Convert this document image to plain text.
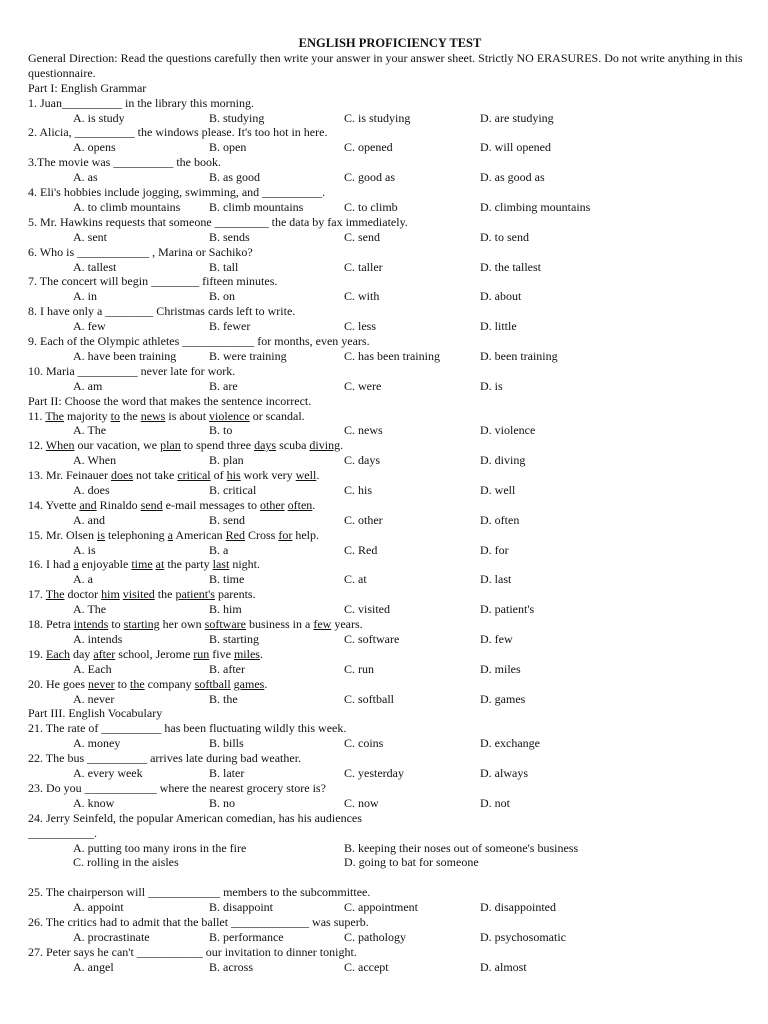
ENGLISH PROFICIENCY TEST
General Direction: Read the questions carefully then write your answer in your answer sheet. Strictly NO ERASURES. Do not write anything in this questionnaire.
Part I: English Grammar
1. Juan__________ in the library this morning.
A. is study	B. studying	C. is studying	D. are studying
2. Alicia, __________ the windows please. It's too hot in here.
A. opens	B. open	C. opened	D. will opened
3.The movie was __________ the book.
A. as	B. as good	C. good as	D. as good as
4. Eli's hobbies include jogging, swimming, and __________.
A. to climb mountains B. climb mountains	C. to climb	D. climbing mountains
5. Mr. Hawkins requests that someone _________ the data by fax immediately.
A. sent	B. sends	C. send	D. to send
6. Who is ____________ , Marina or Sachiko?
A. tallest	B. tall	C. taller	D. the tallest
7. The concert will begin ________ fifteen minutes.
A. in	B. on	C. with	D. about
8. I have only a ________ Christmas cards left to write.
A. few	B. fewer	C. less	D. little
9. Each of the Olympic athletes ____________ for months, even years.
A. have been training	B. were training	C. has been training	D. been training
10. Maria __________ never late for work.
A. am	B. are	C. were	D. is
Part II: Choose the word that makes the sentence incorrect.
11. The majority to the news is about violence or scandal.
A. The	B. to	C. news	D. violence
12. When our vacation, we plan to spend three days scuba diving.
A. When	B. plan	C. days	D. diving
13. Mr. Feinauer does not take critical of his work very well.
A. does	B. critical	C. his	D. well
14. Yvette and Rinaldo send e-mail messages to other often.
A. and	B. send	C. other	D. often
15. Mr. Olsen is telephoning a American Red Cross for help.
A. is	B. a	C. Red	D. for
16. I had a enjoyable time at the party last night.
A. a	B. time	C. at	D. last
17. The doctor him visited the patient's parents.
A. The	B. him	C. visited	D. patient's
18. Petra intends to starting her own software business in a few years.
A. intends	B. starting	C. software	D. few
19. Each day after school, Jerome run five miles.
A. Each	B. after	C. run	D. miles
20. He goes never to the company softball games.
A. never	B. the	C. softball	D. games
Part III. English Vocabulary
21. The rate of __________ has been fluctuating wildly this week.
A. money	B. bills	C. coins	D. exchange
22. The bus __________ arrives late during bad weather.
A. every week	B. later	C. yesterday	D. always
23. Do you ____________ where the nearest grocery store is?
A. know	B. no	C. now	D. not
24. Jerry Seinfeld, the popular American comedian, has his audiences
___________.
A. putting too many irons in the fire	B. keeping their noses out of someone's business
C. rolling in the aisles	D. going to bat for someone
25. The chairperson will ____________ members to the subcommittee.
A. appoint	B. disappoint	C. appointment	D. disappointed
26. The critics had to admit that the ballet _____________ was superb.
A. procrastinate	B. performance	C. pathology	D. psychosomatic
27. Peter says he can't ___________ our invitation to dinner tonight.
A. angel	B. across	C. accept	D. almost
